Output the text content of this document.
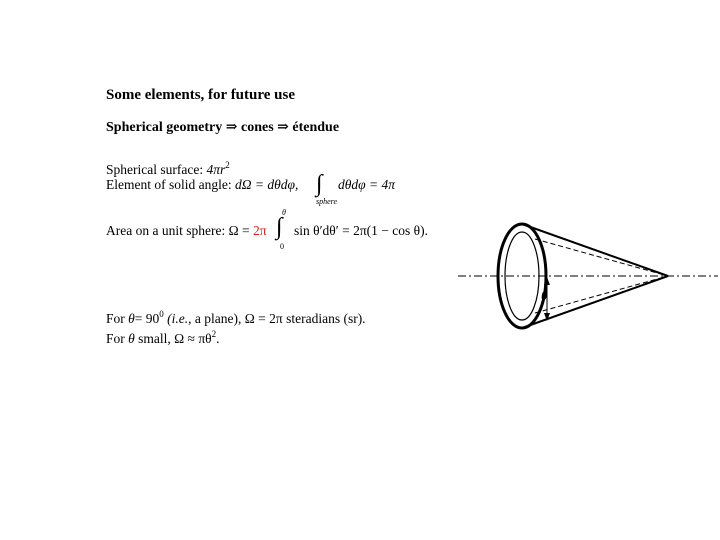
Some elements, for future use
Spherical geometry ⇒ cones ⇒ étendue
Spherical surface: $4\pi r^2$
Element of solid angle: dΩ = dθdφ, ∫
sphere
dθdφ = 4π
Area on a unit sphere: Ω = 2π
θ
∫
0
sin θ′dθ′ = 2π(1 − cos θ).
For $\theta= 90^0$ (i.e., a plane), Ω = 2π steradians (sr).
For θ small, $\Omega \approx \pi\theta^2$.
θ
